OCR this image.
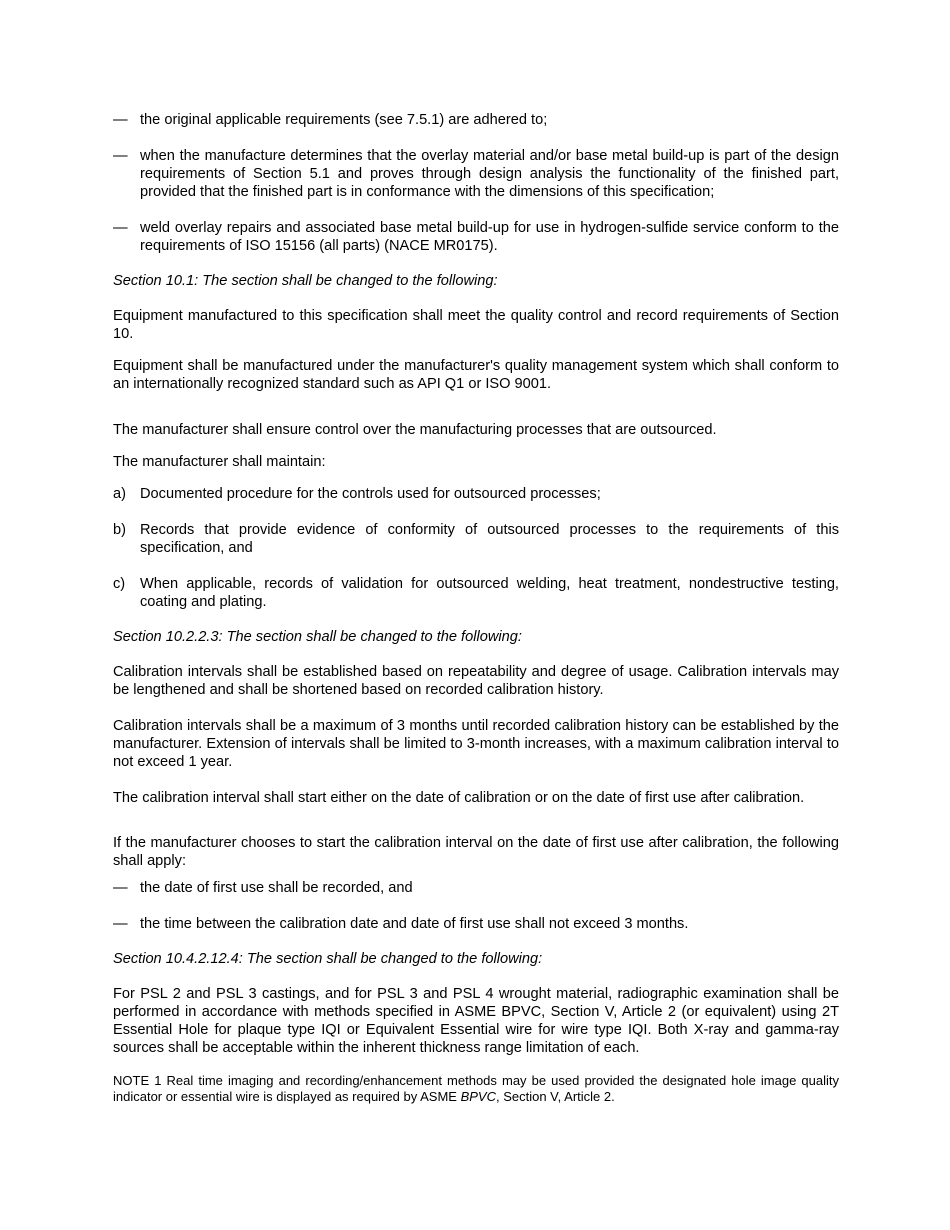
— the original applicable requirements (see 7.5.1) are adhered to;
— when the manufacture determines that the overlay material and/or base metal build-up is part of the design requirements of Section 5.1 and proves through design analysis the functionality of the finished part, provided that the finished part is in conformance with the dimensions of this specification;
— weld overlay repairs and associated base metal build-up for use in hydrogen-sulfide service conform to the requirements of ISO 15156 (all parts) (NACE MR0175).
Section 10.1: The section shall be changed to the following:

Equipment manufactured to this specification shall meet the quality control and record requirements of Section 10.

Equipment shall be manufactured under the manufacturer's quality management system which shall conform to an internationally recognized standard such as API Q1 or ISO 9001.

The manufacturer shall ensure control over the manufacturing processes that are outsourced.

The manufacturer shall maintain:

a) Documented procedure for the controls used for outsourced processes;
b) Records that provide evidence of conformity of outsourced processes to the requirements of this specification, and
c)	When applicable, records of validation for outsourced welding, heat treatment, nondestructive testing, coating and plating.
Section 10.2.2.3: The section shall be changed to the following:

Calibration intervals shall be established based on repeatability and degree of usage. Calibration intervals may be lengthened and shall be shortened based on recorded calibration history.

Calibration intervals shall be a maximum of 3 months until recorded calibration history can be established by the manufacturer. Extension of intervals shall be limited to 3-month increases, with a maximum calibration interval to not exceed 1 year.

The calibration interval shall start either on the date of calibration or on the date of first use after calibration.

If the manufacturer chooses to start the calibration interval on the date of first use after calibration, the following shall apply:

— the date of first use shall be recorded, and
— the time between the calibration date and date of first use shall not exceed 3 months.
Section 10.4.2.12.4: The section shall be changed to the following:

For PSL 2 and PSL 3 castings, and for PSL 3 and PSL 4 wrought material, radiographic examination shall be performed in accordance with methods specified in ASME BPVC, Section V, Article 2 (or equivalent) using 2T Essential Hole for plaque type IQI or Equivalent Essential wire for wire type IQI. Both X-ray and gamma-ray sources shall be acceptable within the inherent thickness range limitation of each.

NOTE 1 Real time imaging and recording/enhancement methods may be used provided the designated hole image quality indicator or essential wire is displayed as required by ASME BPVC, Section V, Article 2.
